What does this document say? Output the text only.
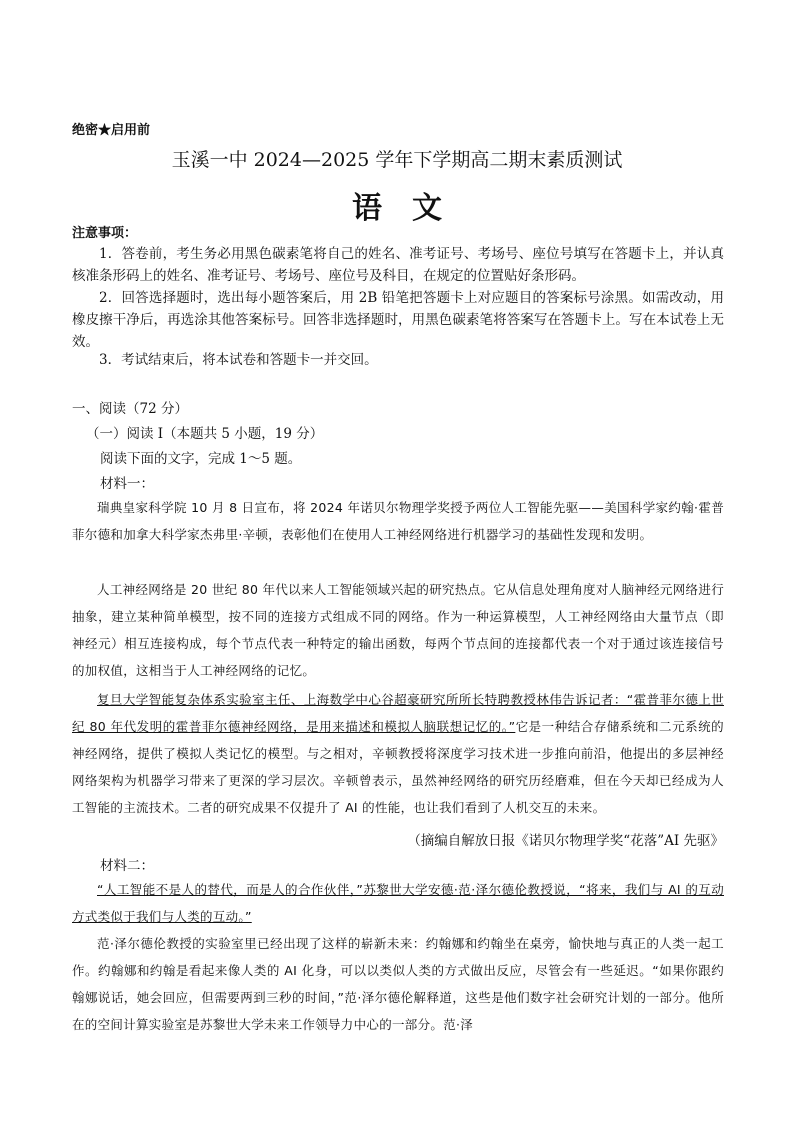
绝密★启用前
玉溪一中 2024—2025 学年下学期高二期末素质测试
语文
注意事项：
1．答卷前，考生务必用黑色碳素笔将自己的姓名、准考证号、考场号、座位号填写在答题卡上，并认真核准条形码上的姓名、准考证号、考场号、座位号及科目，在规定的位置贴好条形码。
2．回答选择题时，选出每小题答案后，用 2B 铅笔把答题卡上对应题目的答案标号涂黑。如需改动，用橡皮擦干净后，再选涂其他答案标号。回答非选择题时，用黑色碳素笔将答案写在答题卡上。写在本试卷上无效。
3．考试结束后，将本试卷和答题卡一并交回。
一、阅读（72 分）
（一）阅读 I（本题共 5 小题，19 分）
阅读下面的文字，完成 1～5 题。
材料一：
瑞典皇家科学院 10 月 8 日宣布，将 2024 年诺贝尔物理学奖授予两位人工智能先驱——美国科学家约翰·霍普菲尔德和加拿大科学家杰弗里·辛顿，表彰他们在使用人工神经网络进行机器学习的基础性发现和发明。
人工神经网络是 20 世纪 80 年代以来人工智能领域兴起的研究热点。它从信息处理角度对人脑神经元网络进行抽象，建立某种简单模型，按不同的连接方式组成不同的网络。作为一种运算模型，人工神经网络由大量节点（即神经元）相互连接构成，每个节点代表一种特定的输出函数，每两个节点间的连接都代表一个对于通过该连接信号的加权值，这相当于人工神经网络的记忆。
复旦大学智能复杂体系实验室主任、上海数学中心谷超豪研究所所长特聘教授林伟告诉记者：“霍普菲尔德上世纪 80 年代发明的霍普菲尔德神经网络，是用来描述和模拟人脑联想记忆的。”它是一种结合存储系统和二元系统的神经网络，提供了模拟人类记忆的模型。与之相对，辛顿教授将深度学习技术进一步推向前沿，他提出的多层神经网络架构为机器学习带来了更深的学习层次。辛顿曾表示，虽然神经网络的研究历经磨难，但在今天却已经成为人工智能的主流技术。二者的研究成果不仅提升了 AI 的性能，也让我们看到了人机交互的未来。
（摘编自解放日报《诺贝尔物理学奖“花落”AI 先驱》
材料二：
“人工智能不是人的替代，而是人的合作伙伴，”苏黎世大学安德·范·泽尔德伦教授说，“将来，我们与 AI 的互动方式类似于我们与人类的互动。”
范·泽尔德伦教授的实验室里已经出现了这样的崭新未来：约翰娜和约翰坐在桌旁，愉快地与真正的人类一起工作。约翰娜和约翰是看起来像人类的 AI 化身，可以以类似人类的方式做出反应，尽管会有一些延迟。“如果你跟约翰娜说话，她会回应，但需要两到三秒的时间，”范·泽尔德伦解释道，这些是他们数字社会研究计划的一部分。他所在的空间计算实验室是苏黎世大学未来工作领导力中心的一部分。范·泽
